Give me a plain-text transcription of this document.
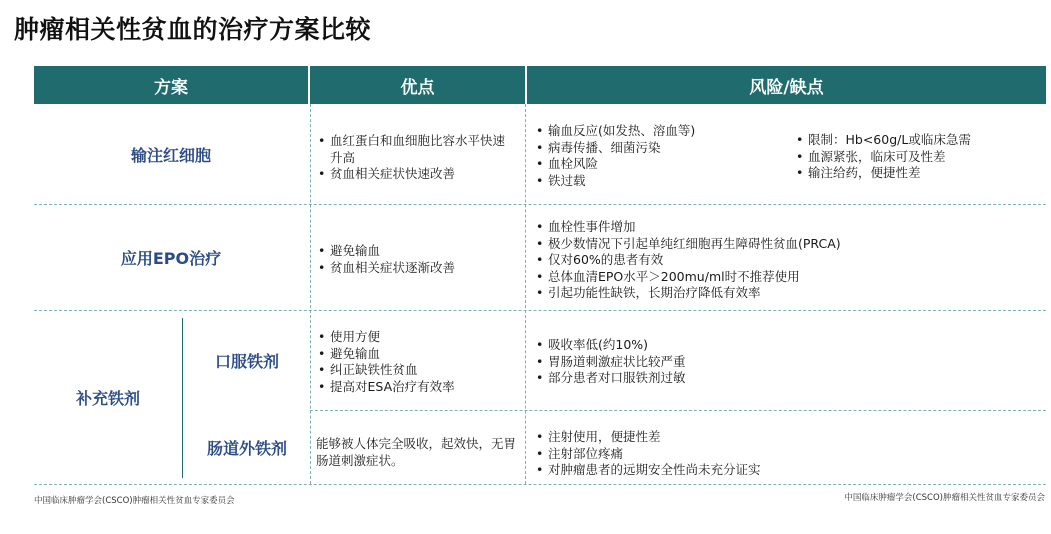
肿瘤相关性贫血的治疗方案比较
方案	优点	风险/缺点
输注红细胞
• 血红蛋白和血细胞比容水平快速升高
• 贫血相关症状快速改善
• 输血反应(如发热、溶血等)
• 病毒传播、细菌污染
• 血栓风险
• 铁过载
• 限制：Hb<60g/L或临床急需
• 血源紧张，临床可及性差
• 输注给药，便捷性差
应用EPO治疗
•	避免输血
• 贫血相关症状逐渐改善
• 血栓性事件增加
• 极少数情况下引起单纯红细胞再生障碍性贫血(PRCA)
• 仅对60%的患者有效
• 总体血清EPO水平＞200mu/ml时不推荐使用
• 引起功能性缺铁，长期治疗降低有效率
补充铁剂
口服铁剂
• 使用方便
• 避免输血
• 纠正缺铁性贫血
• 提高对ESA治疗有效率
• 吸收率低(约10%)
• 胃肠道刺激症状比较严重
• 部分患者对口服铁剂过敏
肠道外铁剂	能够被人体完全吸收，起效快，无胃肠道刺激症状。
• 注射使用，便捷性差
• 注射部位疼痛
• 对肿瘤患者的远期安全性尚未充分证实
中国临床肿瘤学会(CSCO)肿瘤相关性贫血专家委员会	中国临床肿瘤学会(CSCO)肿瘤相关性贫血专家委员会
